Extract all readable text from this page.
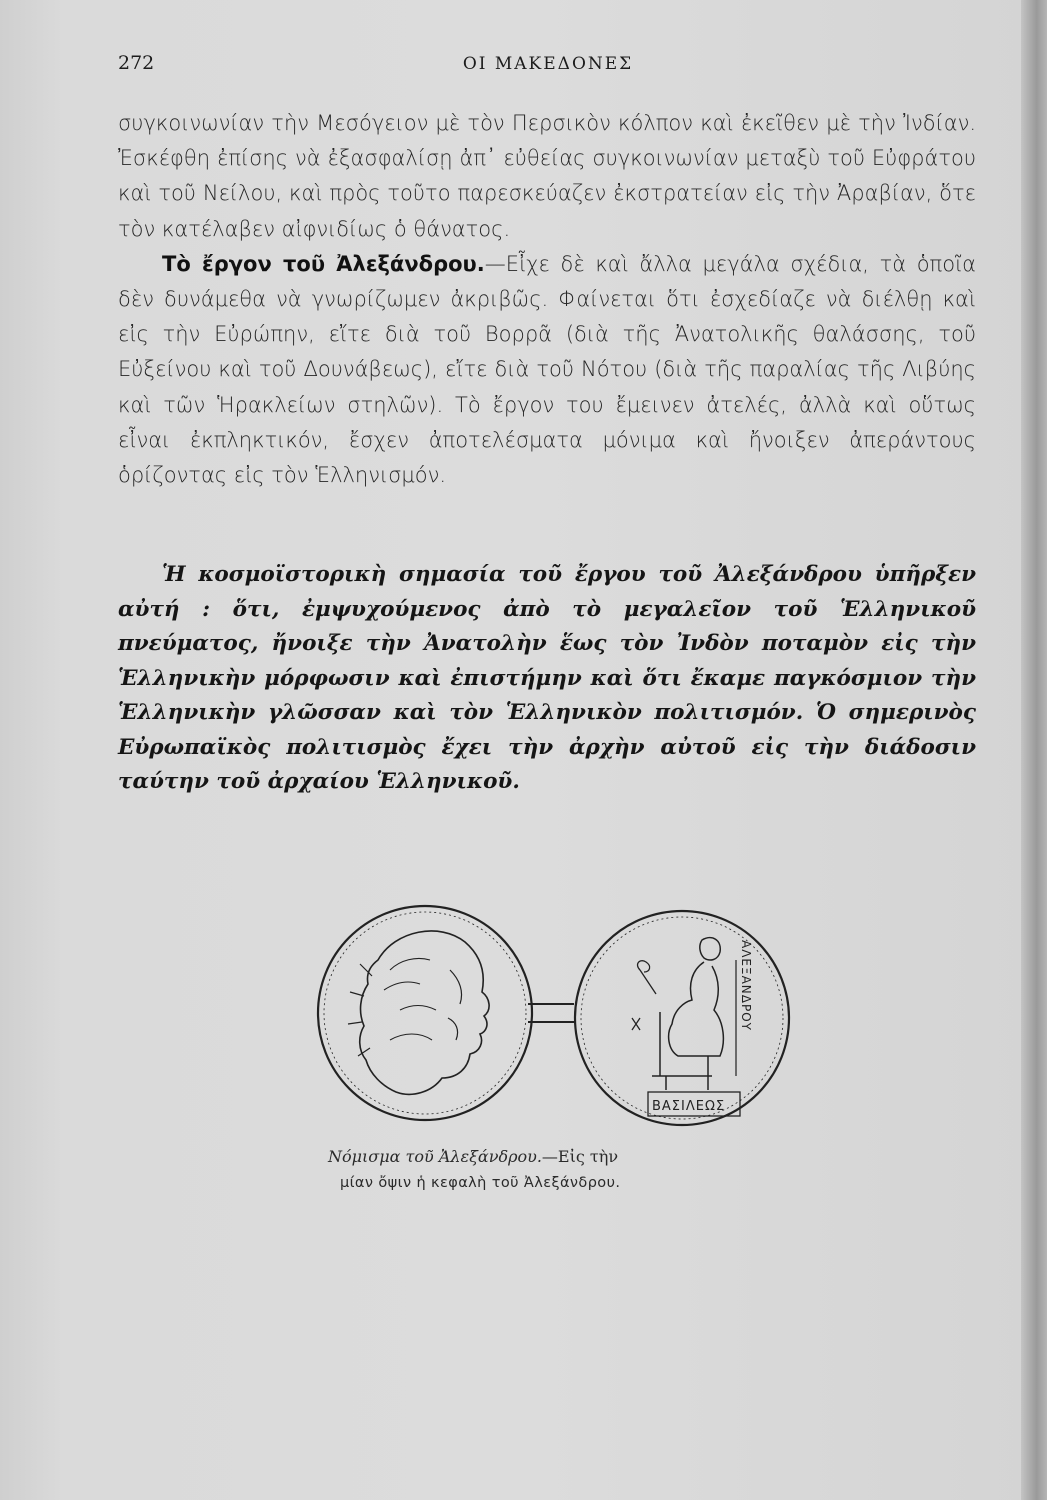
272	ΟΙ ΜΑΚΕΔΟΝΕΣ

συγκοινωνίαν τὴν Μεσόγειον μὲ τὸν Περσικὸν κόλπον καὶ ἐκεῖθεν μὲ τὴν Ἰνδίαν. Ἐσκέφθη ἐπίσης νὰ ἐξασφαλίσῃ ἀπ᾽ εὐθείας συγκοινωνίαν μεταξὺ τοῦ Εὐφράτου καὶ τοῦ Νείλου, καὶ πρὸς τοῦτο παρεσκεύαζεν ἐκστρατείαν εἰς τὴν Ἀραβίαν, ὅτε τὸν κατέλαβεν αἰφνιδίως ὁ θάνατος.

Τὸ ἔργον τοῦ Ἀλεξάνδρου.—Εἶχε δὲ καὶ ἄλλα μεγάλα σχέδια, τὰ ὁποῖα δὲν δυνάμεθα νὰ γνωρίζωμεν ἀκριβῶς. Φαίνεται ὅτι ἐσχεδίαζε νὰ διέλθῃ καὶ εἰς τὴν Εὐρώπην, εἴτε διὰ τοῦ Βορρᾶ (διὰ τῆς Ἀνατολικῆς θαλάσσης, τοῦ Εὐξείνου καὶ τοῦ Δουνάβεως), εἴτε διὰ τοῦ Νότου (διὰ τῆς παραλίας τῆς Λιβύης καὶ τῶν Ἡρακλείων στηλῶν). Τὸ ἔργον του ἔμεινεν ἀτελές, ἀλλὰ καὶ οὕτως εἶναι ἐκπληκτικόν, ἔσχεν ἀποτελέσματα μόνιμα καὶ ἤνοιξεν ἀπεράντους ὁρίζοντας εἰς τὸν Ἑλληνισμόν.

Ἡ κοσμοϊστορικὴ σημασία τοῦ ἔργου τοῦ Ἀλεξάνδρου ὑπῆρξεν αὐτή : ὅτι, ἐμψυχούμενος ἀπὸ τὸ μεγαλεῖον τοῦ Ἑλληνικοῦ πνεύματος, ἤνοιξε τὴν Ἀνατολὴν ἕως τὸν Ἰνδὸν ποταμὸν εἰς τὴν Ἑλληνικὴν μόρφωσιν καὶ ἐπιστήμην καὶ ὅτι ἔκαμε παγκόσμιον τὴν Ἑλληνικὴν γλῶσσαν καὶ τὸν Ἑλληνικὸν πολιτισμόν. Ὁ σημερινὸς Εὐρωπαϊκὸς πολιτισμὸς ἔχει τὴν ἀρχὴν αὐτοῦ εἰς τὴν διάδοσιν ταύτην τοῦ ἀρχαίου Ἑλληνικοῦ.

ΑΛΕΞΑΝΔΡΟΥ
ΒΑΣΙΛΕΩΣ
Νόμισμα τοῦ Ἀλεξάνδρου.—Εἰς τὴν
μίαν ὄψιν ἡ κεφαλὴ τοῦ Ἀλεξάνδρου.
